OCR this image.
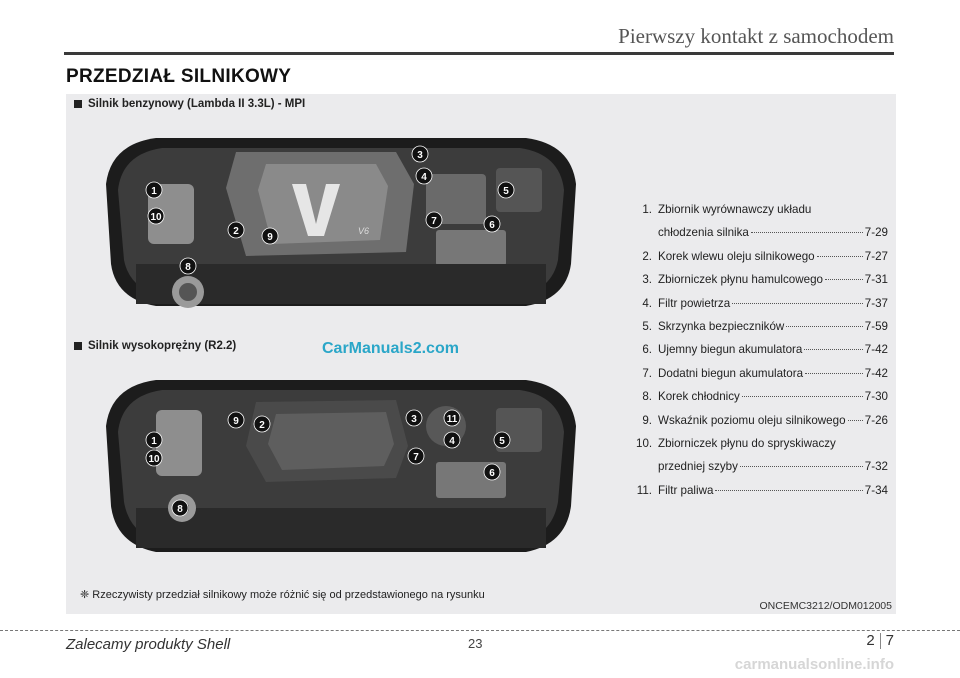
Pierwszy kontakt z samochodem
PRZEDZIAŁ SILNIKOWY
Silnik benzynowy (Lambda II 3.3L) - MPI
1
10
2
9
8
3
4
5
7	6
V6
Silnik wysokoprężny (R2.2)	CarManuals2.com
1
10
9 2
8
3	11
4	5
7
6
1. Zbiornik wyrównawczy układu
chłodzenia silnika	7-29
2. Korek wlewu oleju silnikowego	7-27
3. Zbiorniczek płynu hamulcowego	7-31
4. Filtr powietrza	7-37
5. Skrzynka bezpieczników	7-59
6. Ujemny biegun akumulatora	7-42
7. Dodatni biegun akumulatora	7-42
8. Korek chłodnicy	7-30
9. Wskaźnik poziomu oleju silnikowego 7-26
10. Zbiorniczek płynu do spryskiwaczy
przedniej szyby	7-32
11. Filtr paliwa	7-34
❈ Rzeczywisty przedział silnikowy może różnić się od przedstawionego na rysunku
ONCEMC3212/ODM012005
Zalecamy produkty Shell	23	2 7
carmanualsonline.info
